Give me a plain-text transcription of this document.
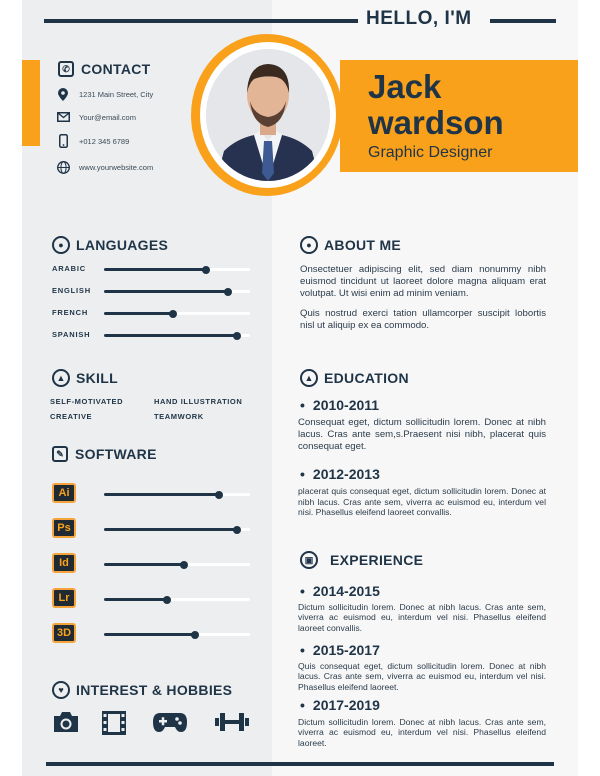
HELLO, I'M
Jack
wardson
Graphic Designer
✆ CONTACT
1231 Main Street, City
Your@email.com
+012 345 6789
www.yourwebsite.com
● LANGUAGES
ARABIC
ENGLISH
FRENCH
SPANISH
▲ SKILL
SELF-MOTIVATED	HAND ILLUSTRATION
CREATIVE	TEAMWORK
✎ SOFTWARE
Ai
Ps
Id
Lr
3D
♥ INTEREST & HOBBIES
● ABOUT ME
Onsectetuer adipiscing elit, sed diam nonummy nibh euismod tincidunt ut laoreet dolore magna aliquam erat volutpat. Ut wisi enim ad minim veniam.
Quis nostrud exerci tation ullamcorper suscipit lobortis nisl ut aliquip ex ea commodo.
▲ EDUCATION
• 2010-2011
Consequat eget, dictum sollicitudin lorem. Donec at nibh lacus. Cras ante sem,s.Praesent nisi nibh, placerat quis consequat eget.
• 2012-2013
placerat quis consequat eget, dictum sollicitudin lorem. Donec at nibh lacus. Cras ante sem, viverra ac euismod eu, interdum vel nisi. Phasellus eleifend laoreet convallis.
▣	EXPERIENCE
• 2014-2015
Dictum sollicitudin lorem. Donec at nibh lacus. Cras ante sem, viverra ac euismod eu, interdum vel nisi. Phasellus eleifend laoreet convallis.
• 2015-2017
Quis consequat eget, dictum sollicitudin lorem. Donec at nibh lacus. Cras ante sem, viverra ac euismod eu, interdum vel nisi. Phasellus eleifend laoreet.
• 2017-2019
Dictum sollicitudin lorem. Donec at nibh lacus. Cras ante sem, viverra ac euismod eu, interdum vel nisi. Phasellus eleifend laoreet.
